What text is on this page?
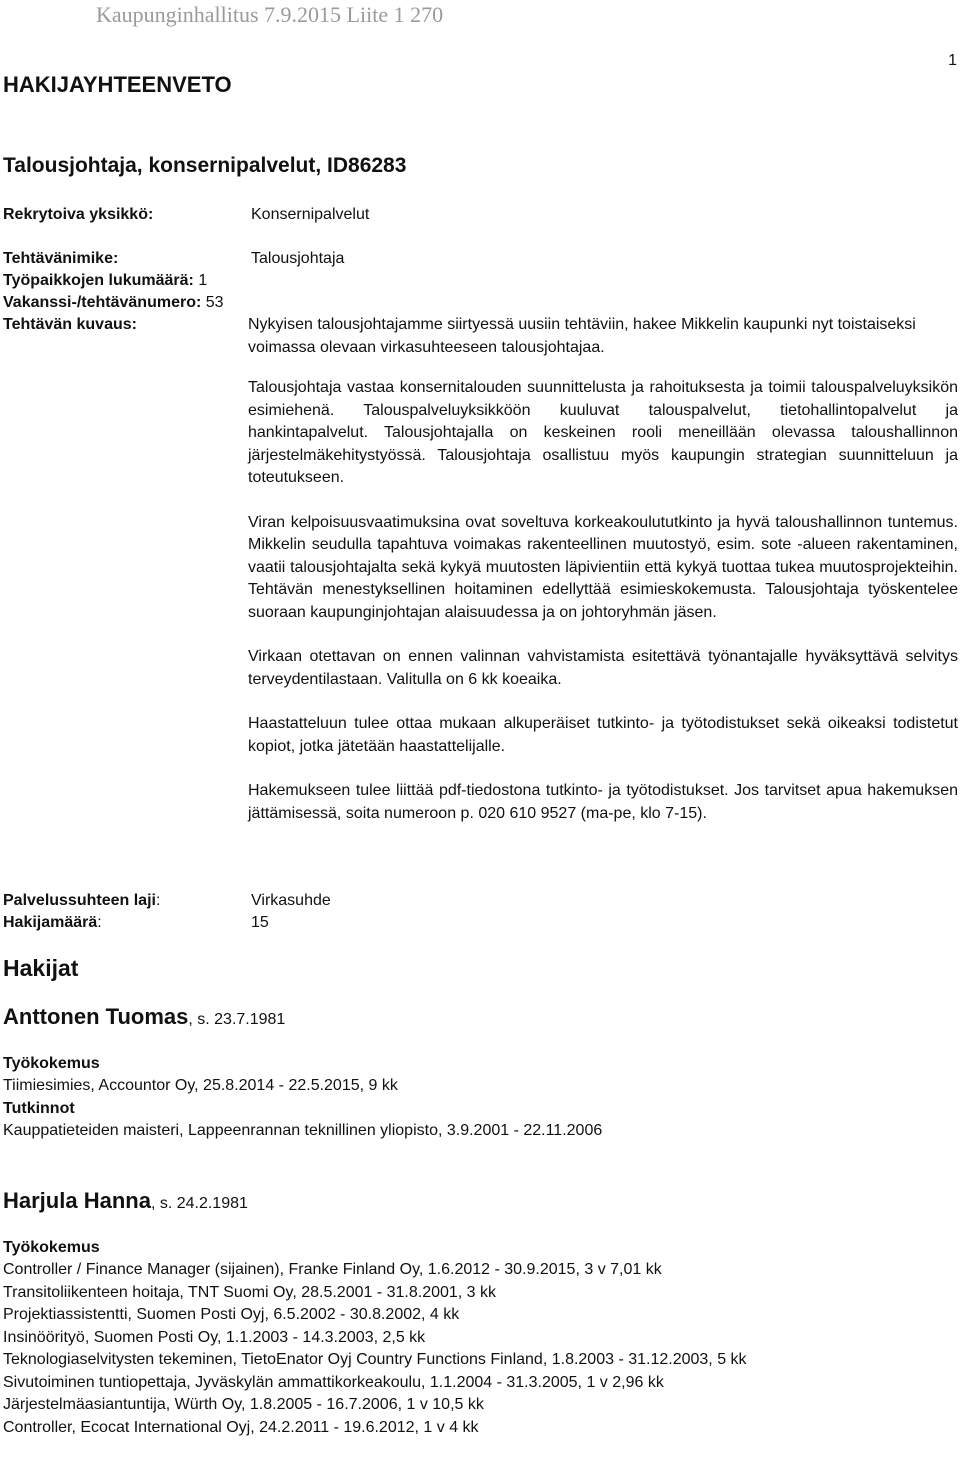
Kaupunginhallitus 7.9.2015 Liite 1 270
1
HAKIJAYHTEENVETO
Talousjohtaja, konsernipalvelut, ID86283
Rekrytoiva yksikkö:	Konsernipalvelut
Tehtävänimike:	Talousjohtaja
Työpaikkojen lukumäärä: 1
Vakanssi-/tehtävänumero: 53
Tehtävän kuvaus:	Nykyisen talousjohtajamme siirtyessä uusiin tehtäviin, hakee Mikkelin kaupunki nyt toistaiseksi voimassa olevaan virkasuhteeseen talousjohtajaa.

Talousjohtaja vastaa konsernitalouden suunnittelusta ja rahoituksesta ja toimii talouspalveluyksikön esimiehenä. Talouspalveluyksikköön kuuluvat talouspalvelut, tietohallintopalvelut ja hankintapalvelut. Talousjohtajalla on keskeinen rooli meneillään olevassa taloushallinnon järjestelmäkehitystyössä. Talousjohtaja osallistuu myös kaupungin strategian suunnitteluun ja toteutukseen.

Viran kelpoisuusvaatimuksina ovat soveltuva korkeakoulututkinto ja hyvä taloushallinnon tuntemus. Mikkelin seudulla tapahtuva voimakas rakenteellinen muutostyö, esim. sote -alueen rakentaminen, vaatii talousjohtajalta sekä kykyä muutosten läpivientiin että kykyä tuottaa tukea muutosprojekteihin. Tehtävän menestyksellinen hoitaminen edellyttää esimieskokemusta. Talousjohtaja työskentelee suoraan kaupunginjohtajan alaisuudessa ja on johtoryhmän jäsen.

Virkaan otettavan on ennen valinnan vahvistamista esitettävä työnantajalle hyväksyttävä selvitys terveydentilastaan. Valitulla on 6 kk koeaika.

Haastatteluun tulee ottaa mukaan alkuperäiset tutkinto- ja työtodistukset sekä oikeaksi todistetut kopiot, jotka jätetään haastattelijalle.

Hakemukseen tulee liittää pdf-tiedostona tutkinto- ja työtodistukset. Jos tarvitset apua hakemuksen jättämisessä, soita numeroon p. 020 610 9527 (ma-pe, klo 7-15).

Palvelussuhteen laji:	Virkasuhde
Hakijamäärä:	15
Hakijat
Anttonen Tuomas, s. 23.7.1981
Työkokemus
Tiimiesimies, Accountor Oy, 25.8.2014 - 22.5.2015, 9 kk
Tutkinnot
Kauppatieteiden maisteri, Lappeenrannan teknillinen yliopisto, 3.9.2001 - 22.11.2006
Harjula Hanna, s. 24.2.1981
Työkokemus
Controller / Finance Manager (sijainen), Franke Finland Oy, 1.6.2012 - 30.9.2015, 3 v 7,01 kk
Transitoliikenteen hoitaja, TNT Suomi Oy, 28.5.2001 - 31.8.2001, 3 kk
Projektiassistentti, Suomen Posti Oyj, 6.5.2002 - 30.8.2002, 4 kk
Insinöörityö, Suomen Posti Oy, 1.1.2003 - 14.3.2003, 2,5 kk
Teknologiaselvitysten tekeminen, TietoEnator Oyj Country Functions Finland, 1.8.2003 - 31.12.2003, 5 kk
Sivutoiminen tuntiopettaja, Jyväskylän ammattikorkeakoulu, 1.1.2004 - 31.3.2005, 1 v 2,96 kk
Järjestelmäasiantuntija, Würth Oy, 1.8.2005 - 16.7.2006, 1 v 10,5 kk
Controller, Ecocat International Oyj, 24.2.2011 - 19.6.2012, 1 v 4 kk
